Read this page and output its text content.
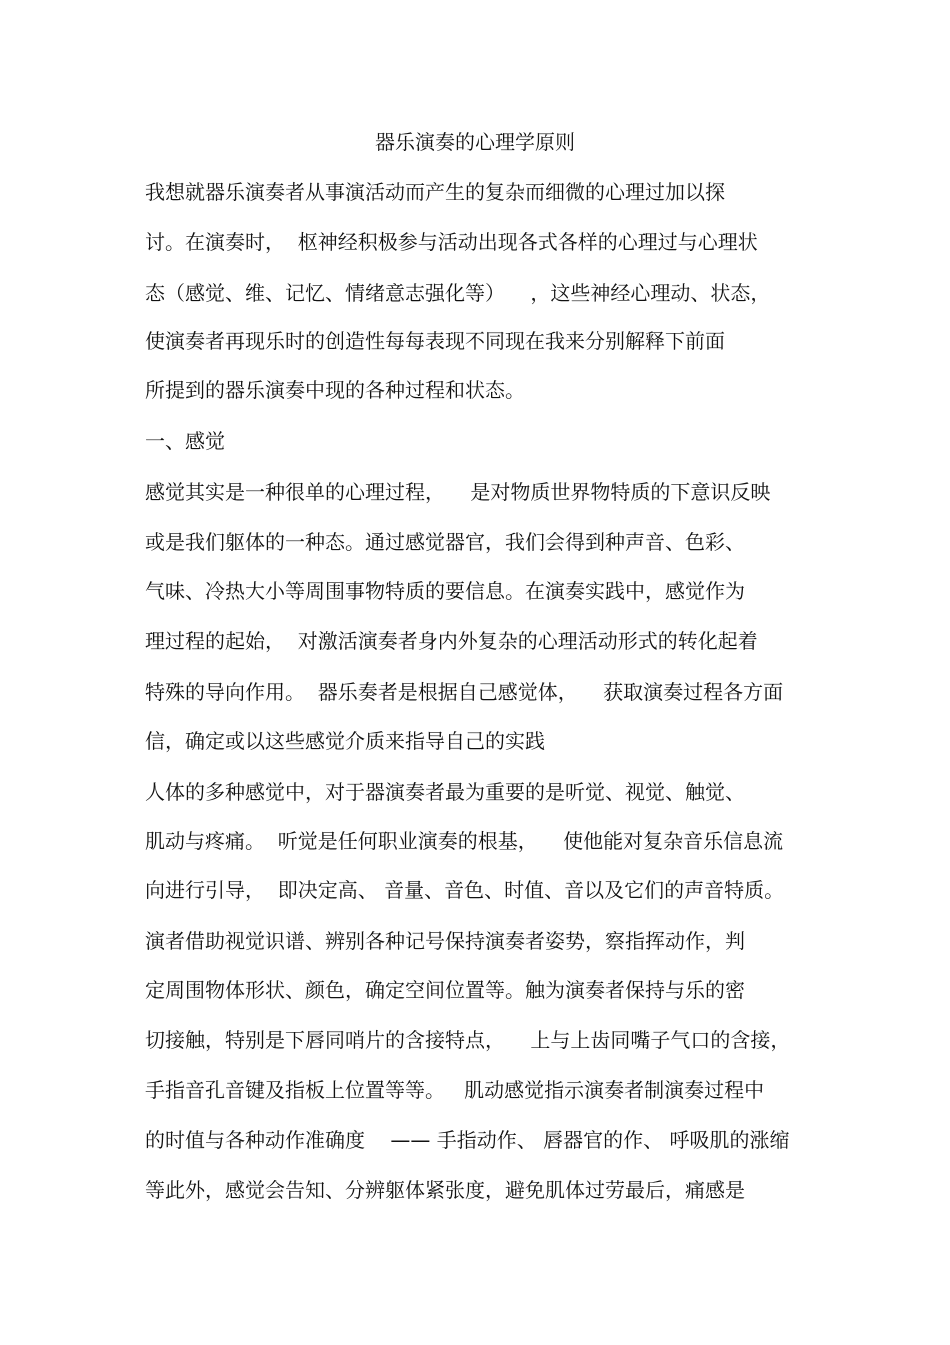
器乐演奏的心理学原则
我想就器乐演奏者从事演活动而产生的复杂而细微的心理过加以探
讨。在演奏时，  枢神经积极参与活动出现各式各样的心理过与心理状
态（感觉、维、记忆、情绪意志强化等）    ，这些神经心理动、状态，
使演奏者再现乐时的创造性每每表现不同现在我来分别解释下前面
所提到的器乐演奏中现的各种过程和状态。
一、感觉
感觉其实是一种很单的心理过程，    是对物质世界物特质的下意识反映
或是我们躯体的一种态。通过感觉器官，我们会得到种声音、色彩、
气味、冷热大小等周围事物特质的要信息。在演奏实践中，感觉作为
理过程的起始，  对激活演奏者身内外复杂的心理活动形式的转化起着
特殊的导向作用。  器乐奏者是根据自己感觉体，    获取演奏过程各方面
信，确定或以这些感觉介质来指导自己的实践
人体的多种感觉中，对于器演奏者最为重要的是听觉、视觉、触觉、
肌动与疼痛。  听觉是任何职业演奏的根基，    使他能对复杂音乐信息流
向进行引导，  即决定高、 音量、音色、时值、音以及它们的声音特质。
演者借助视觉识谱、辨别各种记号保持演奏者姿势，察指挥动作，判
定周围物体形状、颜色，确定空间位置等。触为演奏者保持与乐的密
切接触，特别是下唇同哨片的含接特点，    上与上齿同嘴子气口的含接，
手指音孔音键及指板上位置等等。   肌动感觉指示演奏者制演奏过程中
的时值与各种动作准确度    —— 手指动作、 唇器官的作、 呼吸肌的涨缩
等此外，感觉会告知、分辨躯体紧张度，避免肌体过劳最后，痛感是
